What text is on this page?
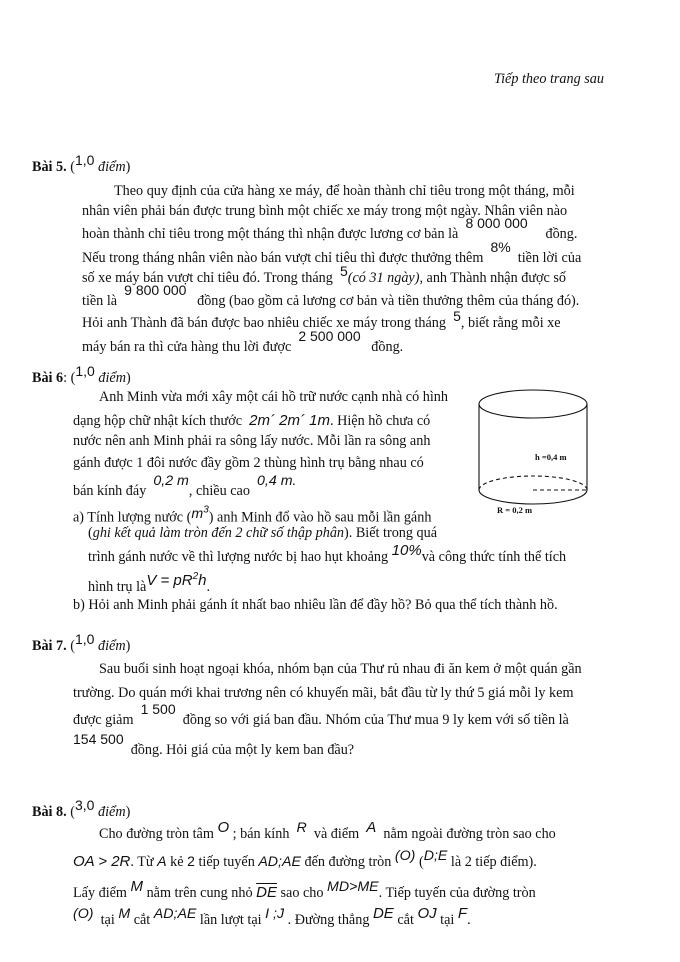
Tiếp theo trang sau
Bài 5. (1,0 điểm)
Theo quy định của cửa hàng xe máy, để hoàn thành chỉ tiêu trong một tháng, mỗi
nhân viên phải bán được trung bình một chiếc xe máy trong một ngày. Nhân viên nào
hoàn thành chỉ tiêu trong một tháng thì nhận được lương cơ bản là  8 000 000     đồng.
Nếu trong tháng nhân viên nào bán vượt chỉ tiêu thì được thưởng thêm  8%  tiền lời của
số xe máy bán vượt chỉ tiêu đó. Trong tháng 5(có 31 ngày), anh Thành nhận được số
tiền là  9 800 000   đồng (bao gồm cả lương cơ bản và tiền thưởng thêm của tháng đó).
Hỏi anh Thành đã bán được bao nhiêu chiếc xe máy trong tháng 5, biết rằng mỗi xe
máy bán ra thì cửa hàng thu lời được  2 500 000   đồng.
Bài 6: (1,0 điểm)
Anh Minh vừa mới xây một cái hồ trữ nước cạnh nhà có hình
dạng hộp chữ nhật kích thước 2m´ 2m´ 1m. Hiện hồ chưa có
nước nên anh Minh phải ra sông lấy nước. Mỗi lần ra sông anh
gánh được 1 đôi nước đầy gồm 2 thùng hình trụ bằng nhau có
bán kính đáy  0,2 m, chiều cao  0,4 m.
a) Tính lượng nước $(m^3)$ anh Minh đổ vào hồ sau mỗi lần gánh
(ghi kết quả làm tròn đến 2 chữ số thập phân). Biết trong quá
trình gánh nước về thì lượng nước bị hao hụt khoảng 10%và công thức tính thể tích
hình trụ làV = $pR^2h$.
b) Hỏi anh Minh phải gánh ít nhất bao nhiêu lần để đầy hồ? Bỏ qua thể tích thành hồ.
h =0,4 m
R = 0,2 m
Bài 7. (1,0 điểm)
Sau buổi sinh hoạt ngoại khóa, nhóm bạn của Thư rủ nhau đi ăn kem ở một quán gần
trường. Do quán mới khai trương nên có khuyến mãi, bắt đầu từ ly thứ 5 giá mỗi ly kem
được giảm  1 500  đồng so với giá ban đầu. Nhóm của Thư mua 9 ly kem với số tiền là
154 500  đồng. Hỏi giá của một ly kem ban đầu?
Bài 8. (3,0 điểm)
Cho đường tròn tâm O ; bán kính R và điểm A nằm ngoài đường tròn sao cho
OA > 2R. Từ A kẻ 2 tiếp tuyến AD;AE đến đường tròn (O) (D;E là 2 tiếp điểm).
Lấy điểm M nằm trên cung nhỏ $\overline{DE}$ sao cho MD>ME. Tiếp tuyến của đường tròn
(O) tại M cắt AD;AE lần lượt tại I ;J . Đường thẳng DE cắt OJ tại F.
